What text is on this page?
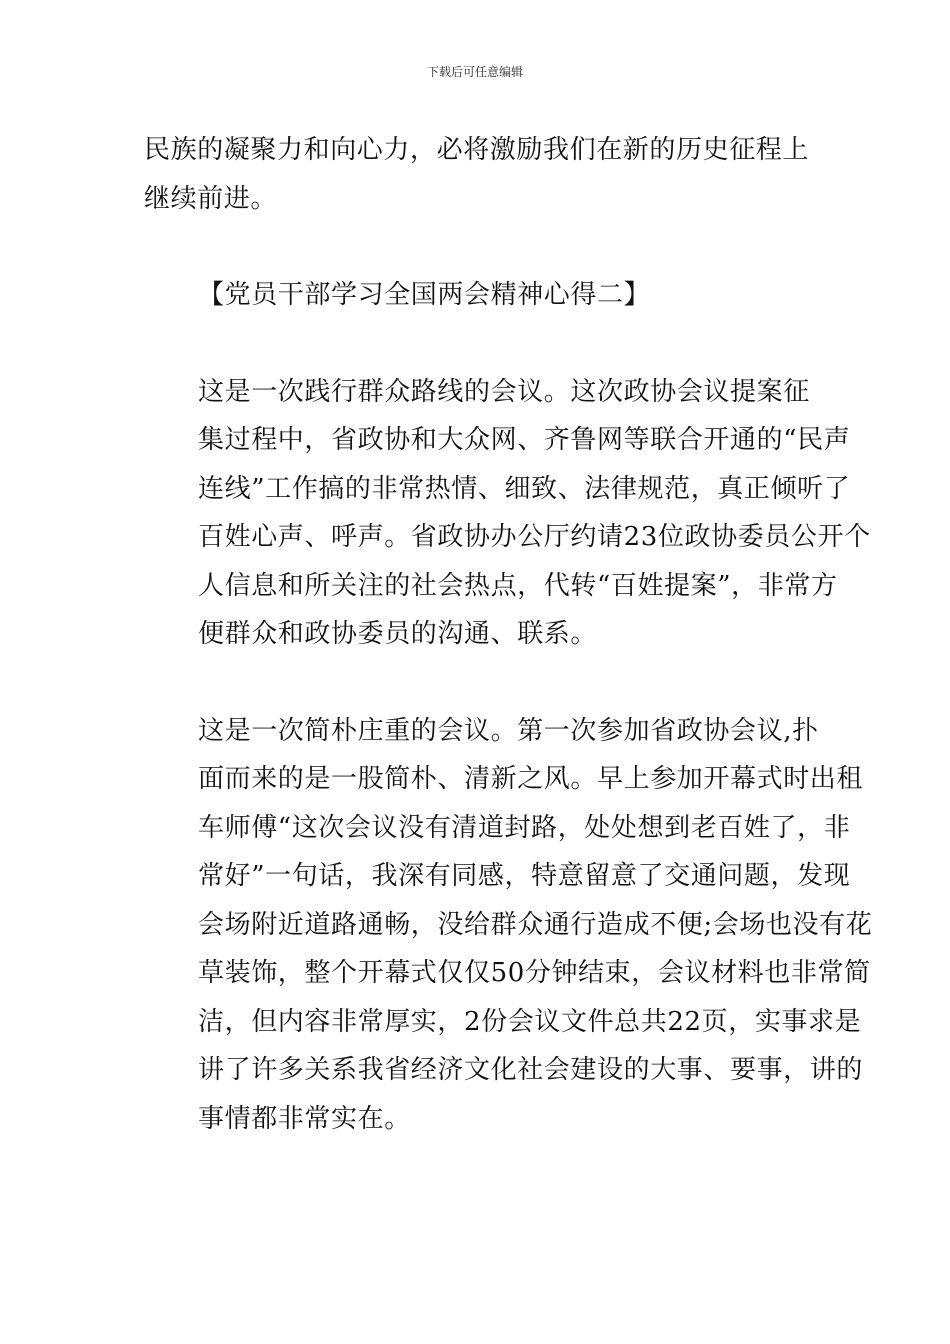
下载后可任意编辑

民族的凝聚力和向心力，必将激励我们在新的历史征程上
继续前进。

【党员干部学习全国两会精神心得二】

这是一次践行群众路线的会议。这次政协会议提案征
集过程中，省政协和大众网、齐鲁网等联合开通的“民声
连线”工作搞的非常热情、细致、法律规范，真正倾听了
百姓心声、呼声。省政协办公厅约请23位政协委员公开个
人信息和所关注的社会热点，代转“百姓提案”，非常方
便群众和政协委员的沟通、联系。

这是一次简朴庄重的会议。第一次参加省政协会议,扑
面而来的是一股简朴、清新之风。早上参加开幕式时出租
车师傅“这次会议没有清道封路，处处想到老百姓了，非
常好”一句话，我深有同感，特意留意了交通问题，发现
会场附近道路通畅，没给群众通行造成不便;会场也没有花
草装饰，整个开幕式仅仅50分钟结束，会议材料也非常简
洁，但内容非常厚实，2份会议文件总共22页，实事求是
讲了许多关系我省经济文化社会建设的大事、要事，讲的
事情都非常实在。
